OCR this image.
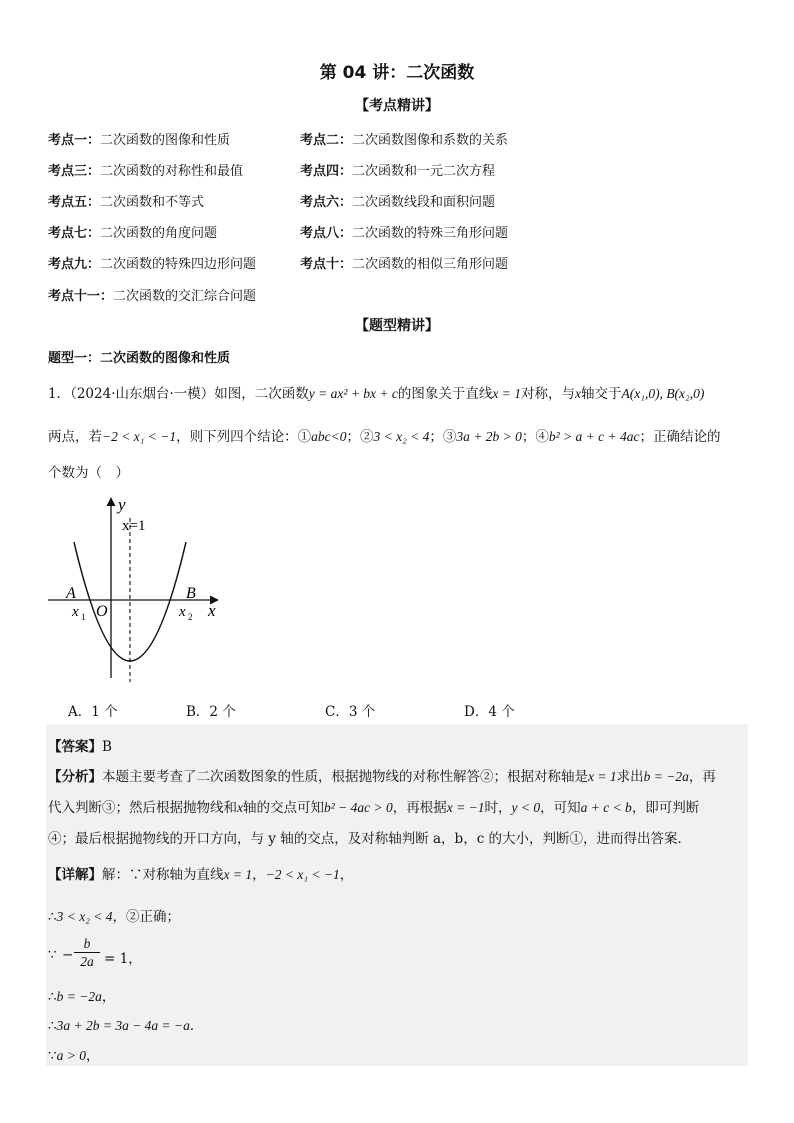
第 04 讲：二次函数
【考点精讲】
考点一：二次函数的图像和性质	考点二：二次函数图像和系数的关系
考点三：二次函数的对称性和最值	考点四：二次函数和一元二次方程
考点五：二次函数和不等式	考点六：二次函数线段和面积问题
考点七：二次函数的角度问题	考点八：二次函数的特殊三角形问题
考点九：二次函数的特殊四边形问题	考点十：二次函数的相似三角形问题
考点十一：二次函数的交汇综合问题
【题型精讲】
题型一：二次函数的图像和性质
1．（2024·山东烟台·一模）如图，二次函数y = ax² + bx + c的图象关于直线x = 1对称，与x轴交于A(x₁,0), B(x₂,0)
两点，若−2 < x₁ < −1，则下列四个结论：①abc<0；②3 < x₂ < 4；③3a + 2b > 0；④b² > a + c + 4ac；正确结论的
个数为（　）
y
x=1
A	B
O	x
x 1	x 2
A．1 个	B．2 个	C．3 个	D．4 个
【答案】B
【分析】本题主要考查了二次函数图象的性质，根据抛物线的对称性解答②；根据对称轴是x = 1求出b = −2a，再
代入判断③；然后根据抛物线和x轴的交点可知b² − 4ac > 0，再根据x = −1时，y < 0，可知a + c < b，即可判断
④；最后根据抛物线的开口方向，与 y 轴的交点，及对称轴判断 a，b，c 的大小，判断①，进而得出答案．
【详解】解：∵对称轴为直线x = 1，−2 < x₁ < −1，
∴3 < x₂ < 4，②正确；
∵ −
b
2a = 1，
∴b = −2a，
∴3a + 2b = 3a − 4a = −a．
∵a > 0，
